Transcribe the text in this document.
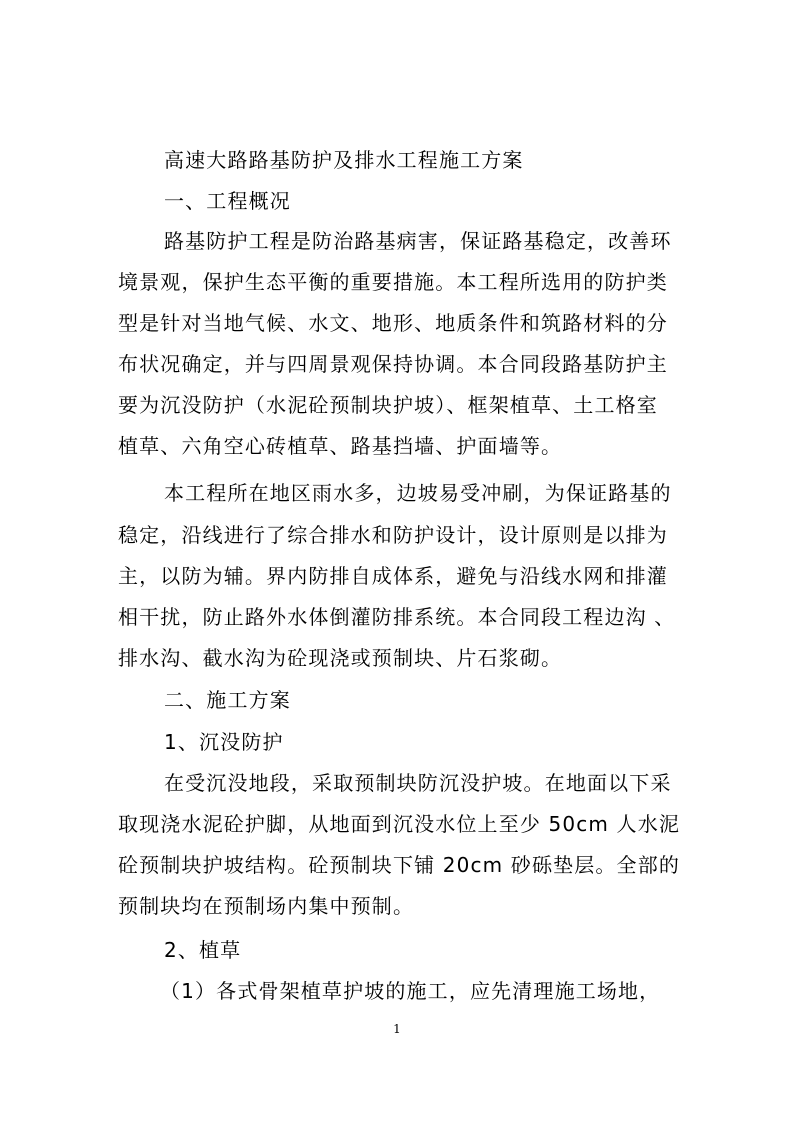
高速大路路基防护及排水工程施工方案
一、工程概况

路基防护工程是防治路基病害，保证路基稳定，改善环

境景观，保护生态平衡的重要措施。本工程所选用的防护类

型是针对当地气候、水文、地形、地质条件和筑路材料的分

布状况确定，并与四周景观保持协调。本合同段路基防护主

要为沉没防护（水泥砼预制块护坡）、框架植草、土工格室

植草、六角空心砖植草、路基挡墙、护面墙等。

本工程所在地区雨水多，边坡易受冲刷，为保证路基的

稳定，沿线进行了综合排水和防护设计，设计原则是以排为

主，以防为辅。界内防排自成体系，避免与沿线水网和排灌

相干扰，防止路外水体倒灌防排系统。本合同段工程边沟 、

排水沟、截水沟为砼现浇或预制块、片石浆砌。

二、施工方案
1、沉没防护

在受沉没地段，采取预制块防沉没护坡。在地面以下采

取现浇水泥砼护脚，从地面到沉没水位上至少 50cm 人水泥

砼预制块护坡结构。砼预制块下铺 20cm 砂砾垫层。全部的

预制块均在预制场内集中预制。

2、植草

（1）各式骨架植草护坡的施工，应先清理施工场地，

1
